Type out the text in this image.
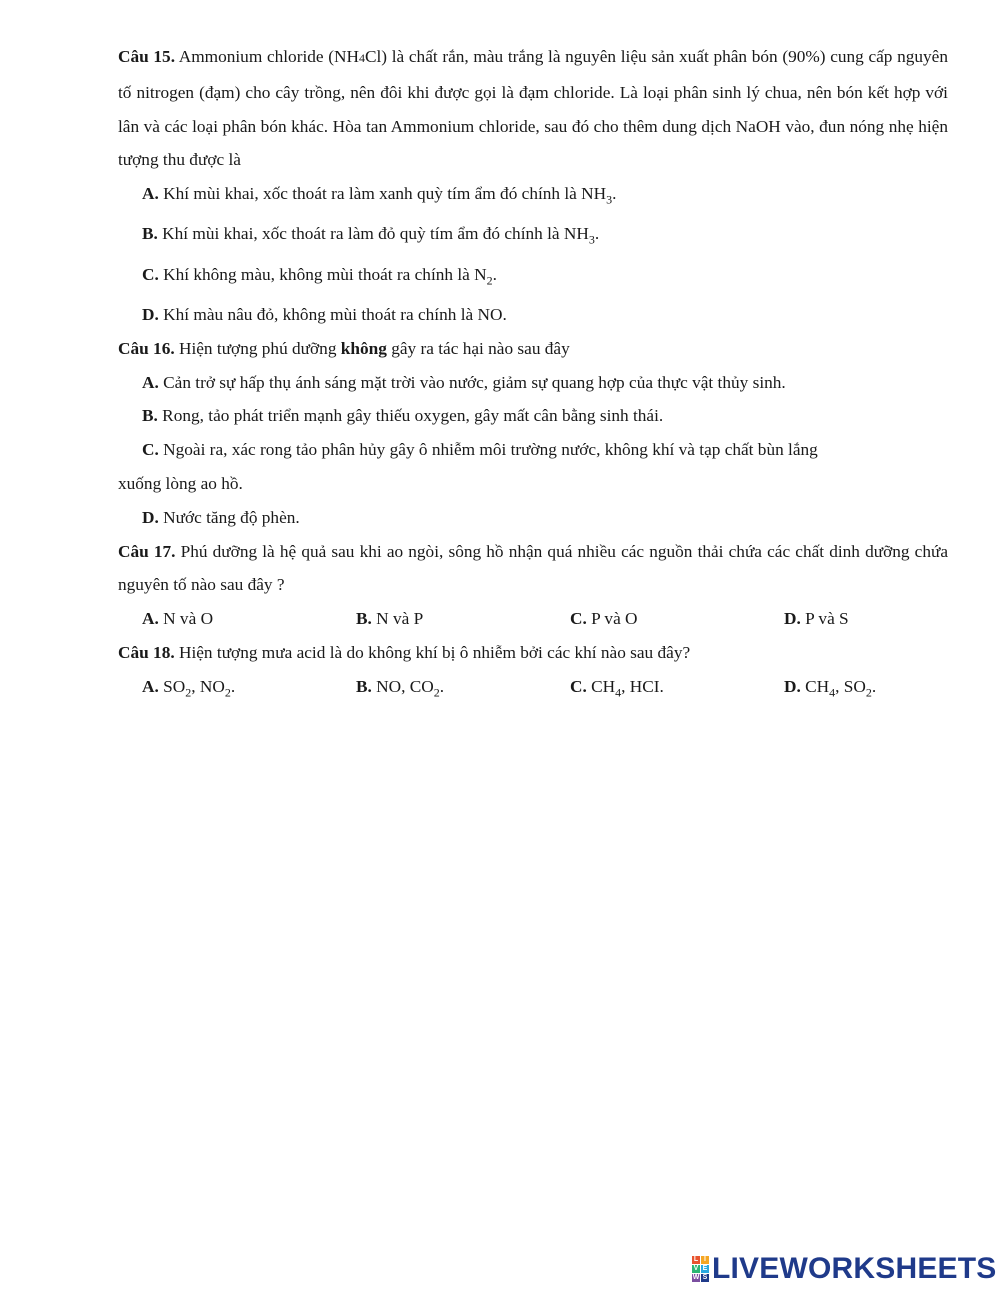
Câu 15. Ammonium chloride (NH4Cl) là chất rắn, màu trắng là nguyên liệu sản xuất phân bón (90%) cung cấp nguyên tố nitrogen (đạm) cho cây trồng, nên đôi khi được gọi là đạm chloride. Là loại phân sinh lý chua, nên bón kết hợp với lân và các loại phân bón khác. Hòa tan Ammonium chloride, sau đó cho thêm dung dịch NaOH vào, đun nóng nhẹ hiện tượng thu được là
A. Khí mùi khai, xốc thoát ra làm xanh quỳ tím ẩm đó chính là $NH_3$.
B. Khí mùi khai, xốc thoát ra làm đỏ quỳ tím ẩm đó chính là $NH_3$.
C. Khí không màu, không mùi thoát ra chính là $N_2$.
D. Khí màu nâu đỏ, không mùi thoát ra chính là NO.
Câu 16. Hiện tượng phú dưỡng không gây ra tác hại nào sau đây
A. Cản trở sự hấp thụ ánh sáng mặt trời vào nước, giảm sự quang hợp của thực vật thủy sinh.
B. Rong, tảo phát triển mạnh gây thiếu oxygen, gây mất cân bằng sinh thái.
C. Ngoài ra, xác rong tảo phân hủy gây ô nhiễm môi trường nước, không khí và tạp chất bùn lắng
xuống lòng ao hồ.
D. Nước tăng độ phèn.
Câu 17. Phú dưỡng là hệ quả sau khi ao ngòi, sông hồ nhận quá nhiều các nguồn thải chứa các chất dinh dưỡng chứa nguyên tố nào sau đây ?
A. N và O	B. N và P	C. P và O	D. P và S
Câu 18. Hiện tượng mưa acid là do không khí bị ô nhiễm bởi các khí nào sau đây?
A. $SO_2$, $NO_2$.	B. NO, $CO_2$.	C. $CH_4$, HCI.	D. $CH_4$, $SO_2$.
L I
V E
W S LIVEWORKSHEETS
